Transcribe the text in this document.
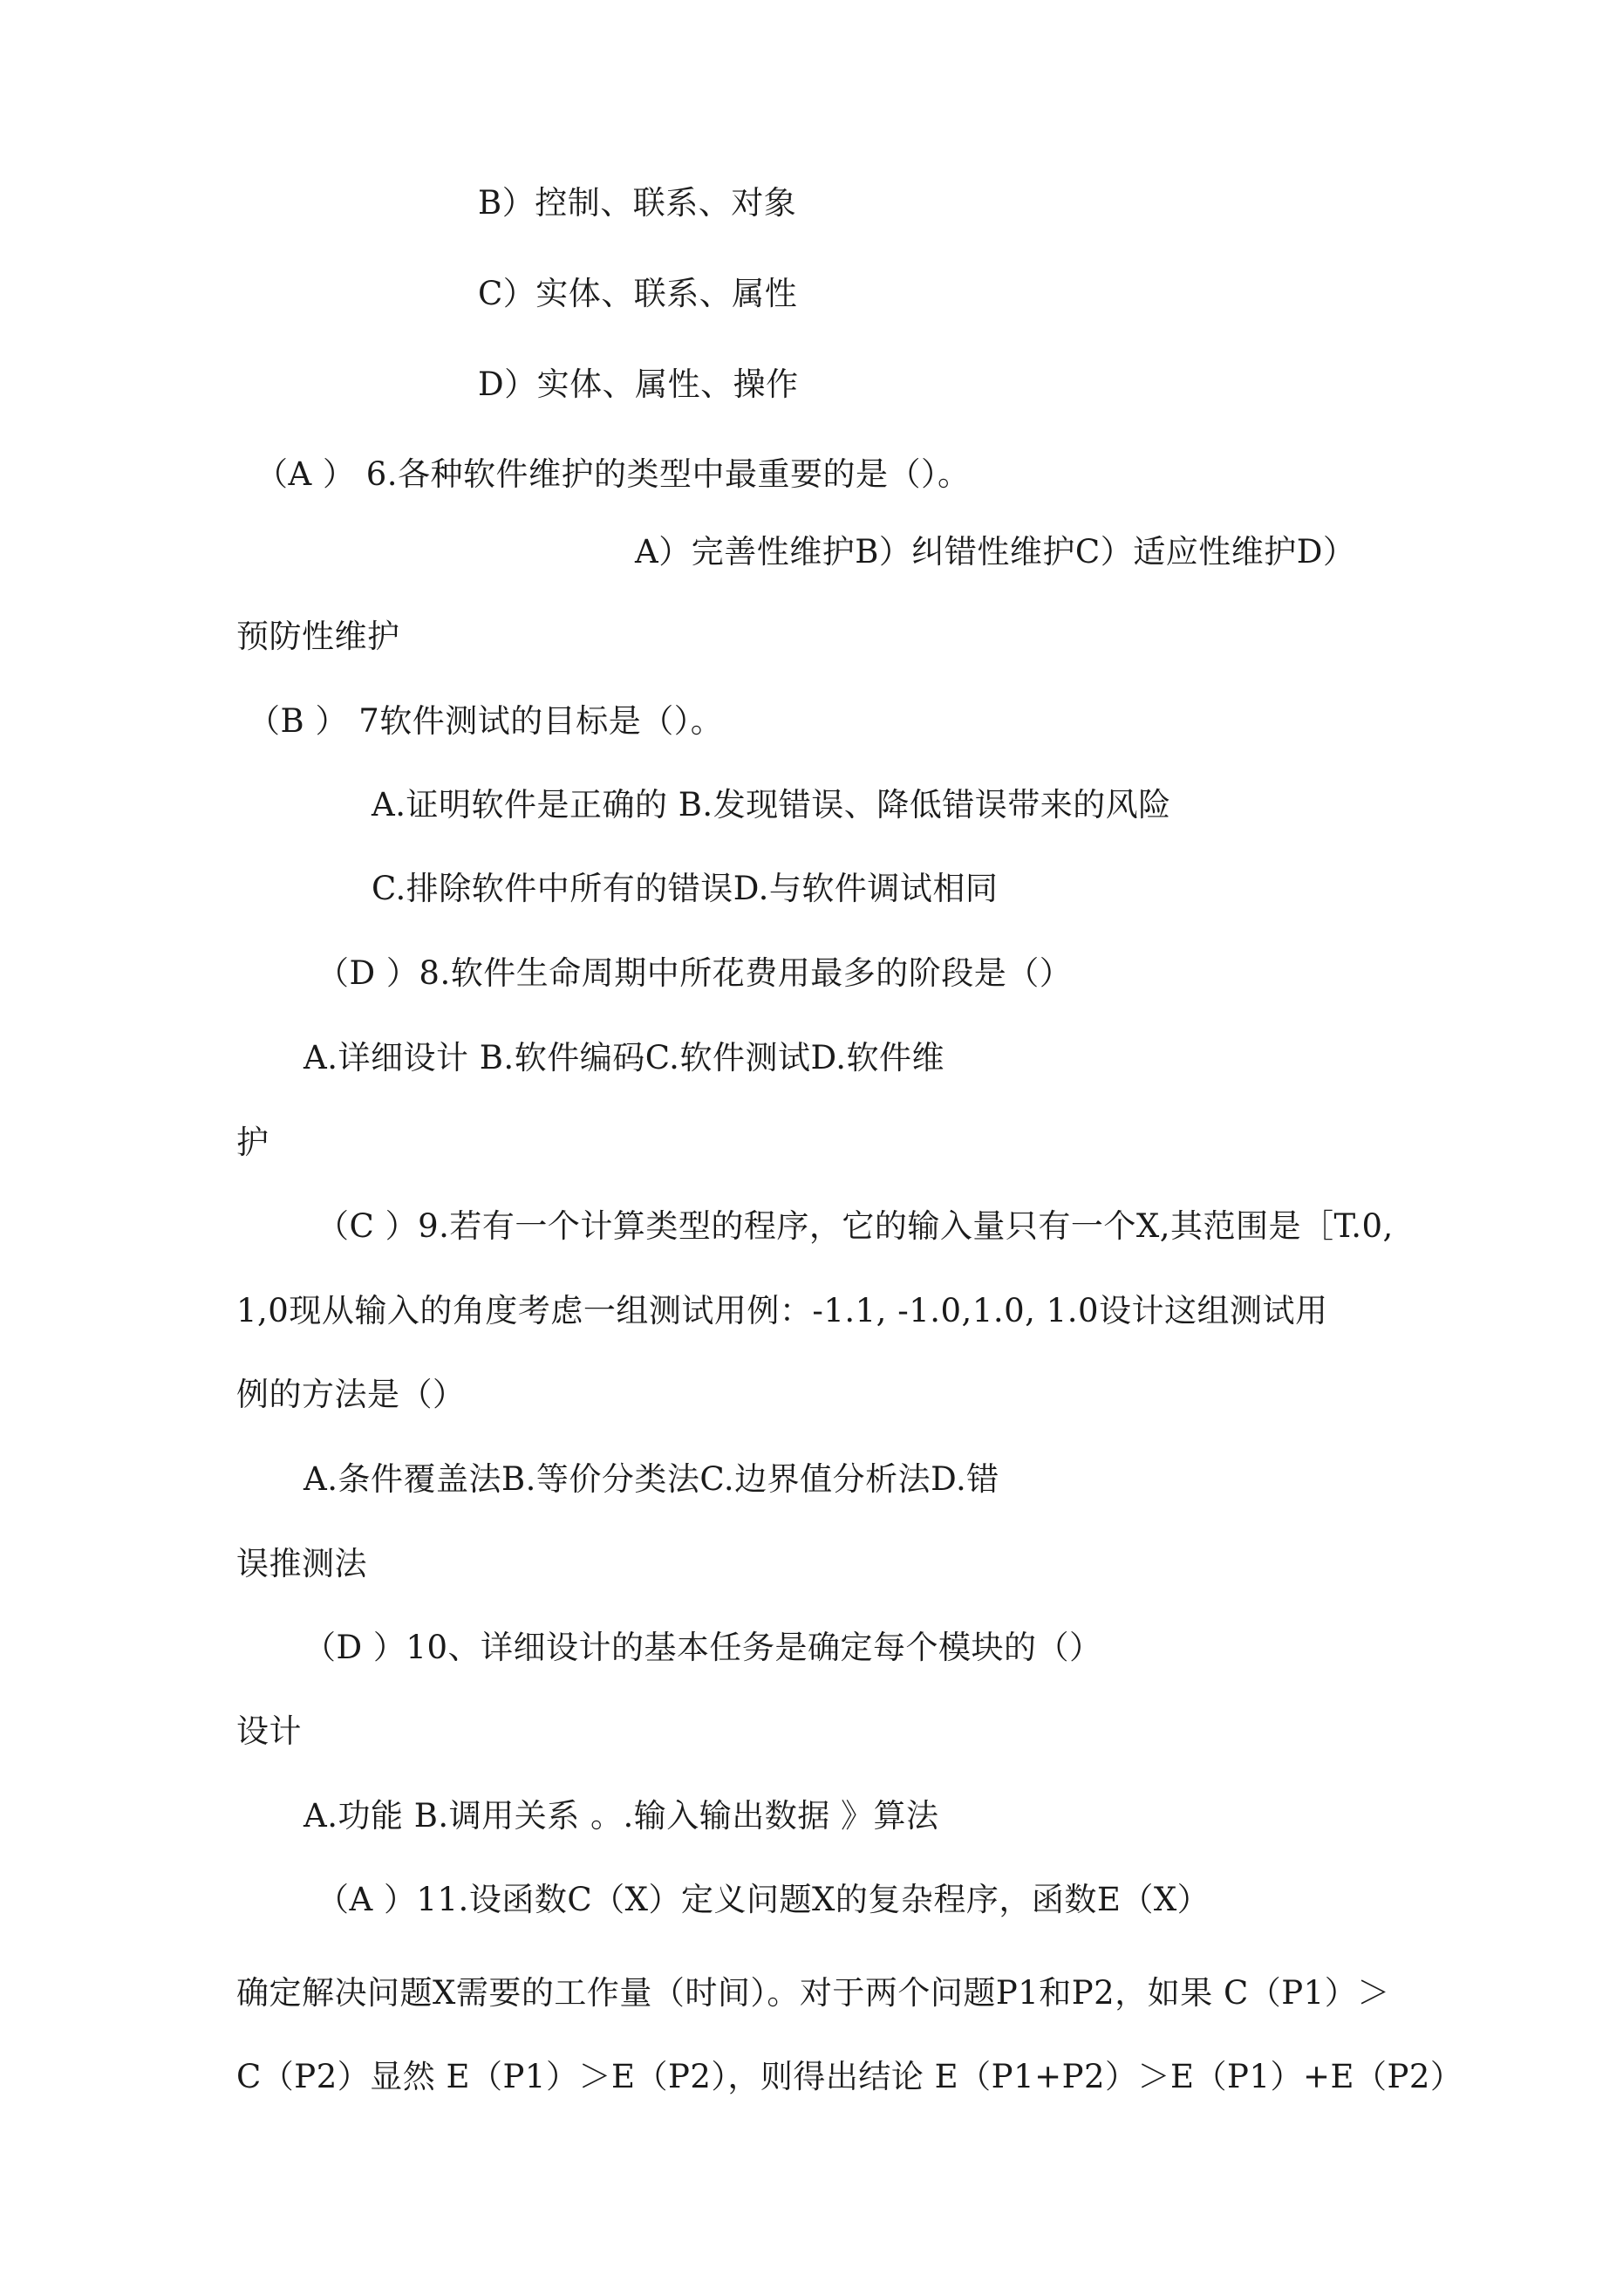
B）控制、联系、对象
C）实体、联系、属性
D）实体、属性、操作
（A ） 6.各种软件维护的类型中最重要的是（）。
A）完善性维护B）纠错性维护C）适应性维护D）
预防性维护
（B ） 7软件测试的目标是（）。
A.证明软件是正确的 B.发现错误、降低错误带来的风险
C.排除软件中所有的错误D.与软件调试相同
（D ）8.软件生命周期中所花费用最多的阶段是（）
A.详细设计 B.软件编码C.软件测试D.软件维
护
（C ）9.若有一个计算类型的程序，它的输入量只有一个X,其范围是［T.0,
1,0现从输入的角度考虑一组测试用例：-1.1, -1.0,1.0, 1.0设计这组测试用
例的方法是（）
A.条件覆盖法B.等价分类法C.边界值分析法D.错
误推测法
（D ）10、详细设计的基本任务是确定每个模块的（）
设计
A.功能 B.调用关系 。.输入输出数据 》算法
（A ）11.设函数C（X）定义问题X的复杂程序，函数E（X）
确定解决问题X需要的工作量（时间）。对于两个问题P1和P2，如果 C（P1）＞
C（P2）显然 E（P1）＞E（P2），则得出结论 E（P1+P2）＞E（P1）+E（P2）
